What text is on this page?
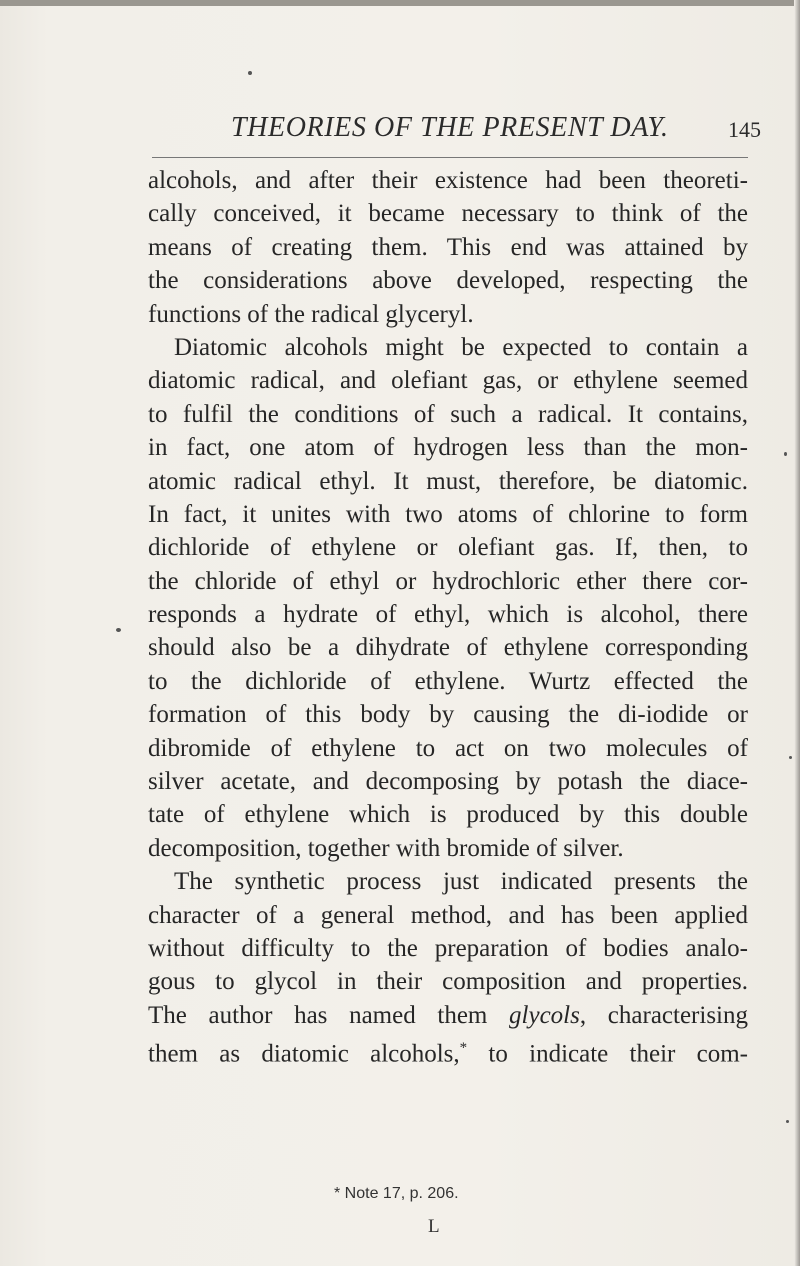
THEORIES OF THE PRESENT DAY.	145
alcohols, and after their existence had been theoreti-
cally conceived, it became necessary to think of the
means of creating them. This end was attained by
the considerations above developed, respecting the
functions of the radical glyceryl.
Diatomic alcohols might be expected to contain a
diatomic radical, and olefiant gas, or ethylene seemed
to fulfil the conditions of such a radical. It contains,
in fact, one atom of hydrogen less than the mon-
atomic radical ethyl. It must, therefore, be diatomic.
In fact, it unites with two atoms of chlorine to form
dichloride of ethylene or olefiant gas. If, then, to
the chloride of ethyl or hydrochloric ether there cor-
responds a hydrate of ethyl, which is alcohol, there
should also be a dihydrate of ethylene corresponding
to the dichloride of ethylene. Wurtz effected the
formation of this body by causing the di-iodide or
dibromide of ethylene to act on two molecules of
silver acetate, and decomposing by potash the diace-
tate of ethylene which is produced by this double
decomposition, together with bromide of silver.
The synthetic process just indicated presents the
character of a general method, and has been applied
without difficulty to the preparation of bodies analo-
gous to glycol in their composition and properties.
The author has named them glycols, characterising
them as diatomic alcohols,* to indicate their com-
* Note 17, p. 206.
L
